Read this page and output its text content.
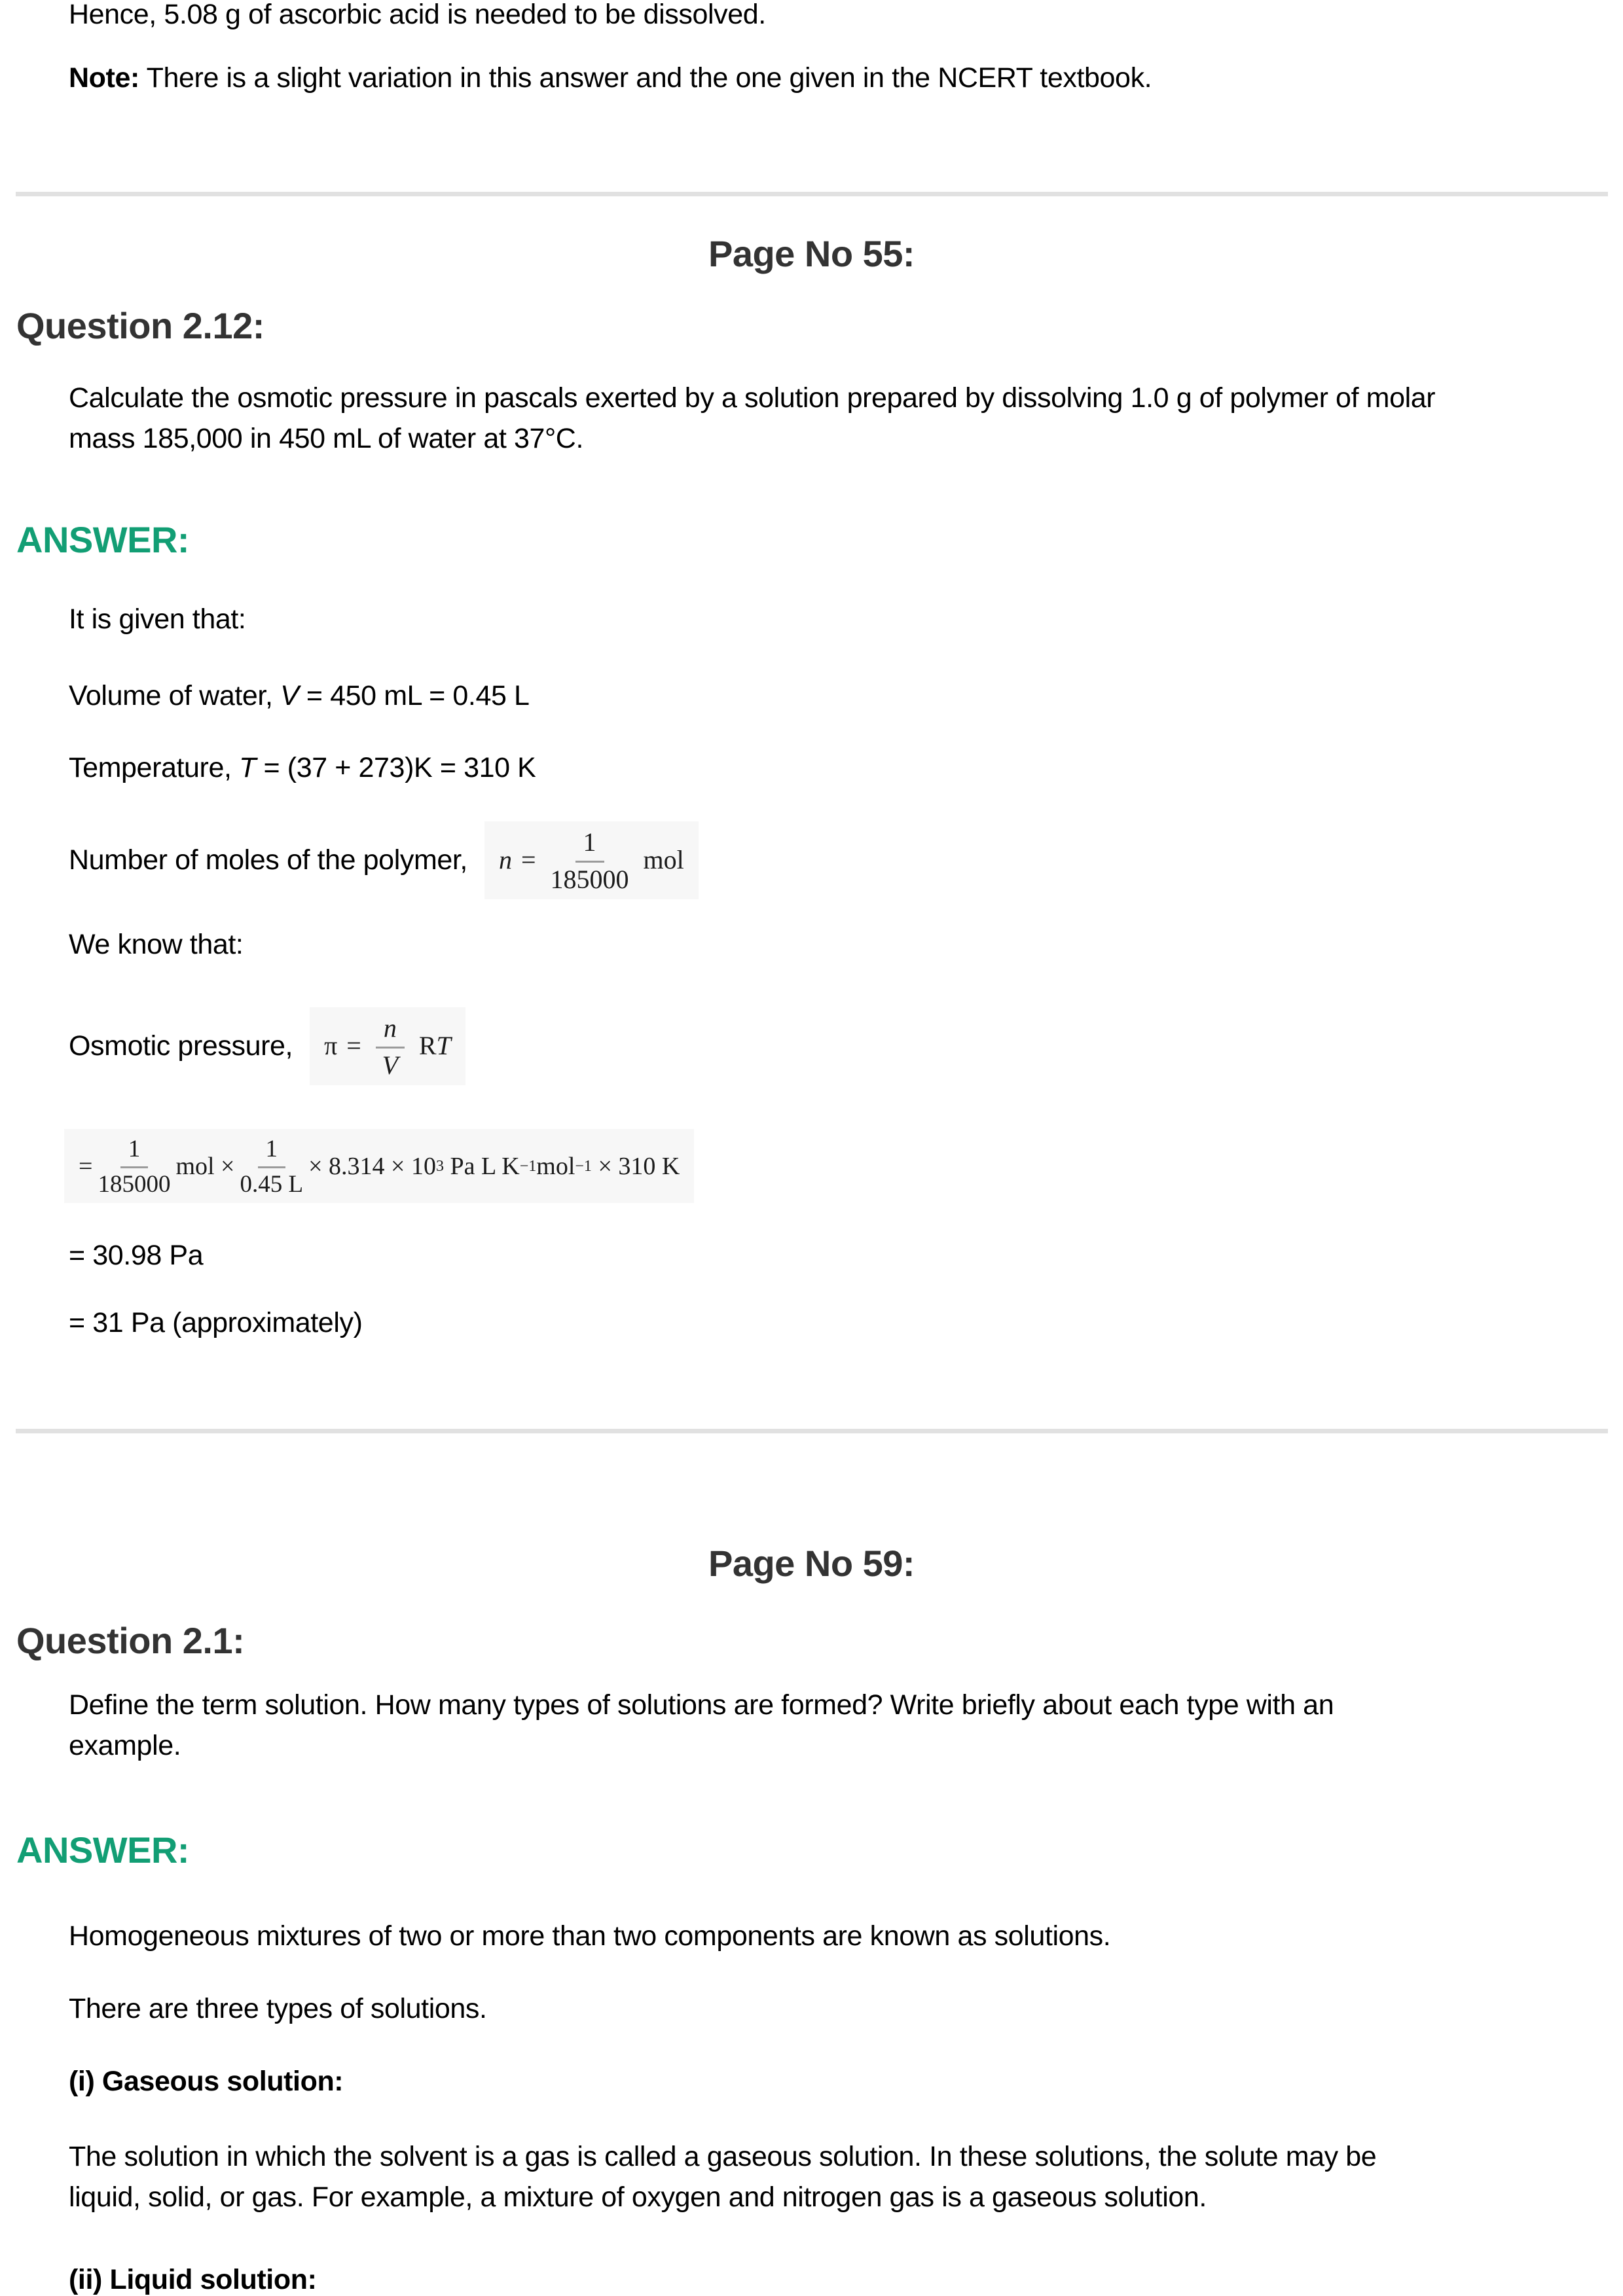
Hence, 5.08 g of ascorbic acid is needed to be dissolved.
Note: There is a slight variation in this answer and the one given in the NCERT textbook.
Page No 55:
Question 2.12:
Calculate the osmotic pressure in pascals exerted by a solution prepared by dissolving 1.0 g of polymer of molar
mass 185,000 in 450 mL of water at 37°C.
ANSWER:
It is given that:
Volume of water, V = 450 mL = 0.45 L
Temperature, T = (37 + 273)K = 310 K
Number of moles of the polymer, $n = \frac{1}{185000}$ mol
We know that:
Osmotic pressure, $\pi = \frac{n}{V}$ R T
= $\frac{1}{185000}$ mol × $\frac{1}{0.45 L} \times 8.314 \times 10$ 3 Pa L K −1 mol −1 × 310 K
= 30.98 Pa
= 31 Pa (approximately)
Page No 59:
Question 2.1:
Define the term solution. How many types of solutions are formed? Write briefly about each type with an
example.
ANSWER:
Homogeneous mixtures of two or more than two components are known as solutions.
There are three types of solutions.
(i) Gaseous solution:
The solution in which the solvent is a gas is called a gaseous solution. In these solutions, the solute may be
liquid, solid, or gas. For example, a mixture of oxygen and nitrogen gas is a gaseous solution.
(ii) Liquid solution:
